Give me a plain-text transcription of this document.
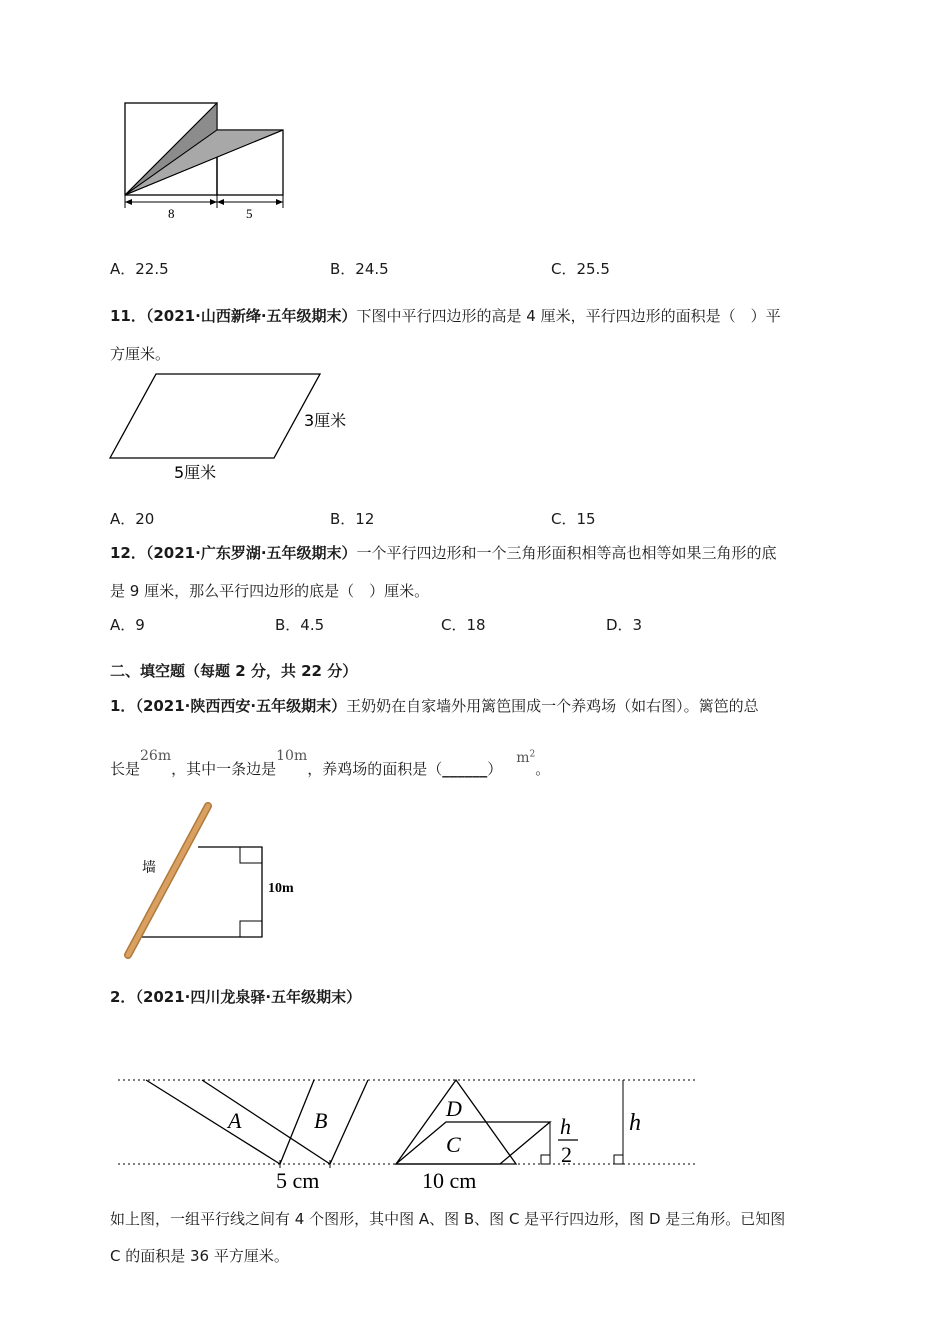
8	5
A．22.5	B．24.5	C．25.5
11．（2021·山西新绛·五年级期末）下图中平行四边形的高是 4 厘米，平行四边形的面积是（　）平
方厘米。
3厘米
5厘米
A．20	B．12	C．15
12．（2021·广东罗湖·五年级期末）一个平行四边形和一个三角形面积相等高也相等如果三角形的底
是 9 厘米，那么平行四边形的底是（　）厘米。
A．9	B．4.5	C．18	D．3
二、填空题（每题 2 分，共 22 分）
1．（2021·陕西西安·五年级期末）王奶奶在自家墙外用篱笆围成一个养鸡场（如右图）。篱笆的总
长是26m，其中一条边是10m，养鸡场的面积是$(\_\_\_\_\_\_)m^2$。
墙
10m
2．（2021·四川龙泉驿·五年级期末）
A	B	D
C
h
2
h
5 cm	10 cm
如上图，一组平行线之间有 4 个图形，其中图 A、图 B、图 C 是平行四边形，图 D 是三角形。已知图
C 的面积是 36 平方厘米。
